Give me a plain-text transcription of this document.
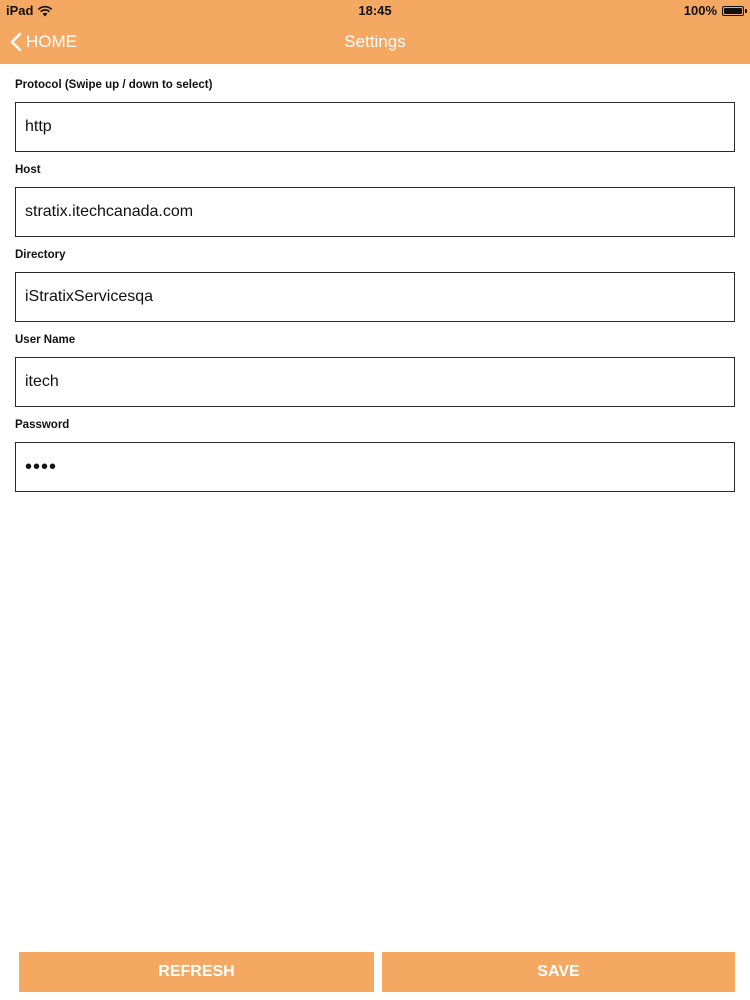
iPad	18:45	100%
HOME	Settings
Protocol (Swipe up / down to select)
http
Host
stratix.itechcanada.com
Directory
iStratixServicesqa
User Name
itech
Password
••••
REFRESH	SAVE
